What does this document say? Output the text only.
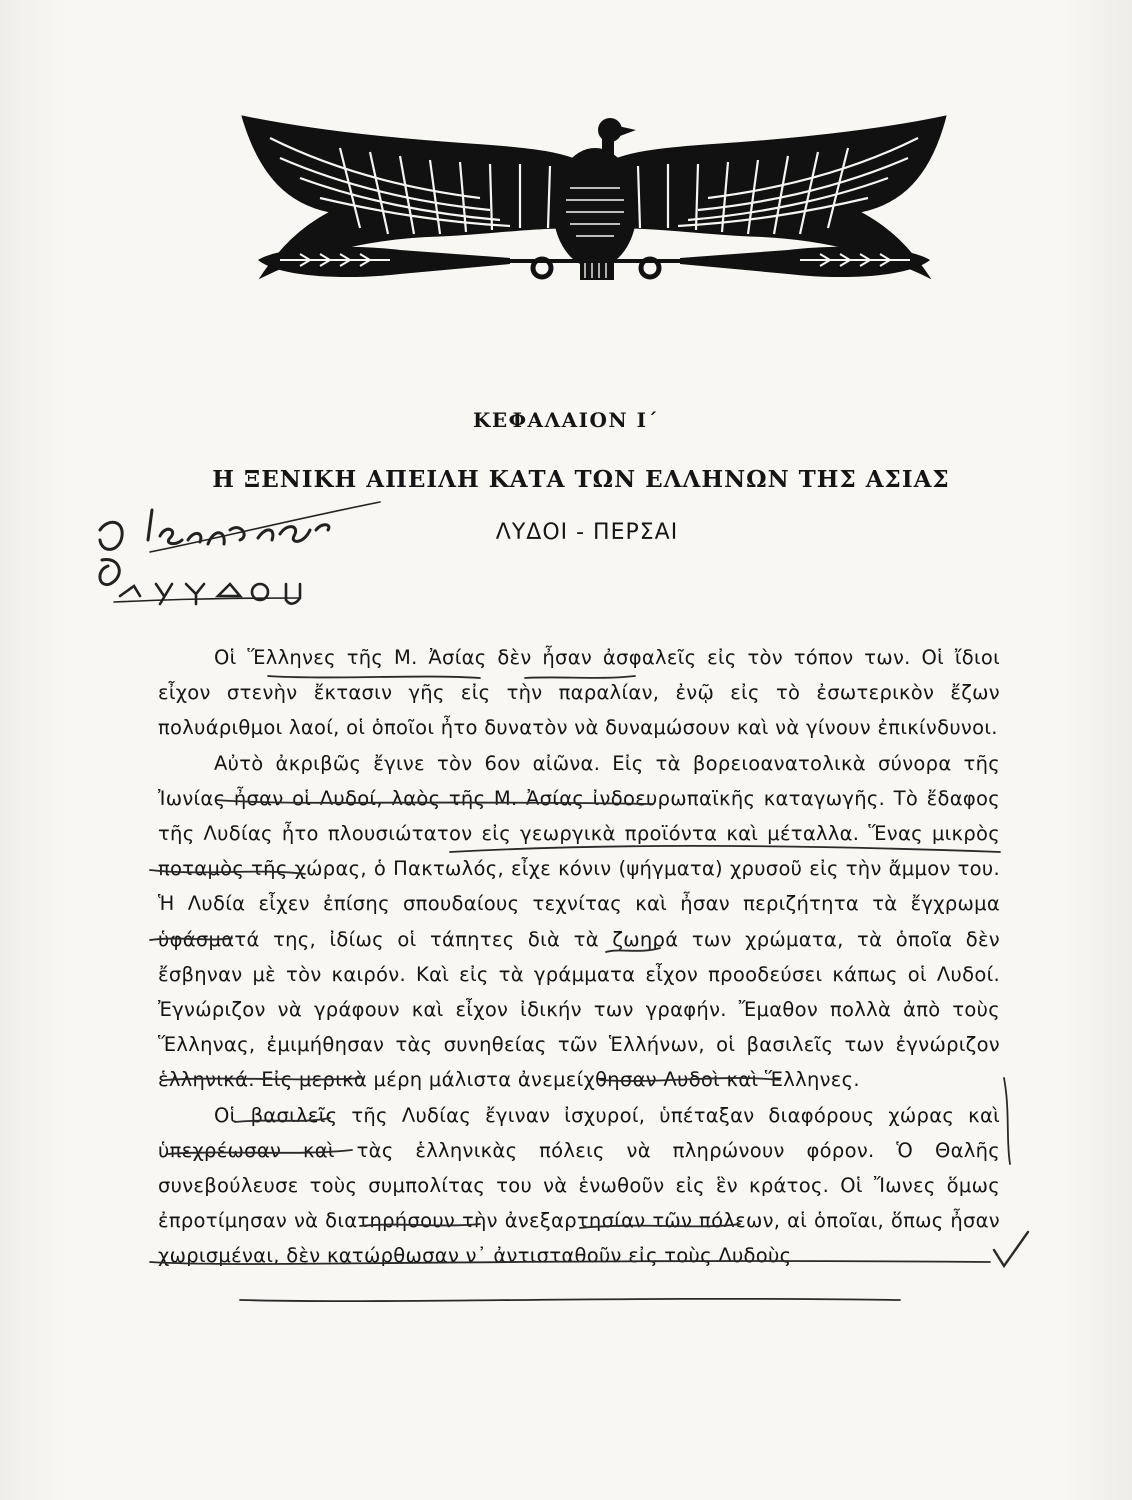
ΚΕΦΑΛΑΙΟΝ Ι΄
Η ΞΕΝΙΚΗ ΑΠΕΙΛΗ ΚΑΤΑ ΤΩΝ ΕΛΛΗΝΩΝ ΤΗΣ ΑΣΙΑΣ
ΛΥΔΟΙ - ΠΕΡΣΑΙ

Οἱ Ἕλληνες τῆς Μ. Ἀσίας δὲν ἦσαν ἀσφαλεῖς εἰς τὸν τόπον των. Οἱ ἴδιοι εἶχον στενὴν ἔκτασιν γῆς εἰς τὴν παραλίαν, ἐνῷ εἰς τὸ ἐσωτερικὸν ἔζων πολυάριθμοι λαοί, οἱ ὁποῖοι ἦτο δυνατὸν νὰ δυναμώσουν καὶ νὰ γίνουν ἐπικίνδυνοι.

Αὐτὸ ἀκριβῶς ἔγινε τὸν 6ον αἰῶνα. Εἰς τὰ βορειοανατολικὰ σύνορα τῆς Ἰωνίας ἦσαν οἱ Λυδοί, λαὸς τῆς Μ. Ἀσίας ἰνδοευρωπαϊκῆς καταγωγῆς. Τὸ ἔδαφος τῆς Λυδίας ἦτο πλουσιώτατον εἰς γεωργικὰ προϊόντα καὶ μέταλλα. Ἕνας μικρὸς ποταμὸς τῆς χώρας, ὁ Πακτωλός, εἶχε κόνιν (ψήγματα) χρυσοῦ εἰς τὴν ἄμμον του. Ἡ Λυδία εἶχεν ἐπίσης σπουδαίους τεχνίτας καὶ ἦσαν περιζήτητα τὰ ἔγχρωμα ὑφάσματά της, ἰδίως οἱ τάπητες διὰ τὰ ζωηρά των χρώματα, τὰ ὁποῖα δὲν ἔσβηναν μὲ τὸν καιρόν. Καὶ εἰς τὰ γράμματα εἶχον προοδεύσει κάπως οἱ Λυδοί. Ἐγνώριζον νὰ γράφουν καὶ εἶχον ἰδικήν των γραφήν. Ἔμαθον πολλὰ ἀπὸ τοὺς Ἕλληνας, ἐμιμήθησαν τὰς συνηθείας τῶν Ἑλλήνων, οἱ βασιλεῖς των ἐγνώριζον ἑλληνικά. Εἰς μερικὰ μέρη μάλιστα ἀνεμείχθησαν Λυδοὶ καὶ Ἕλληνες.

Οἱ βασιλεῖς τῆς Λυδίας ἔγιναν ἰσχυροί, ὑπέταξαν διαφόρους χώρας καὶ ὑπεχρέωσαν καὶ τὰς ἑλληνικὰς πόλεις νὰ πληρώνουν φόρον. Ὁ Θαλῆς συνεβούλευσε τοὺς συμπολίτας του νὰ ἑνωθοῦν εἰς ἓν κράτος. Οἱ Ἴωνες ὅμως ἐπροτίμησαν νὰ διατηρήσουν τὴν ἀνεξαρτησίαν τῶν πόλεων, αἱ ὁποῖαι, ὅπως ἦσαν χωρισμέναι, δὲν κατώρθωσαν ν᾿ ἀντισταθοῦν εἰς τοὺς Λυδοὺς
